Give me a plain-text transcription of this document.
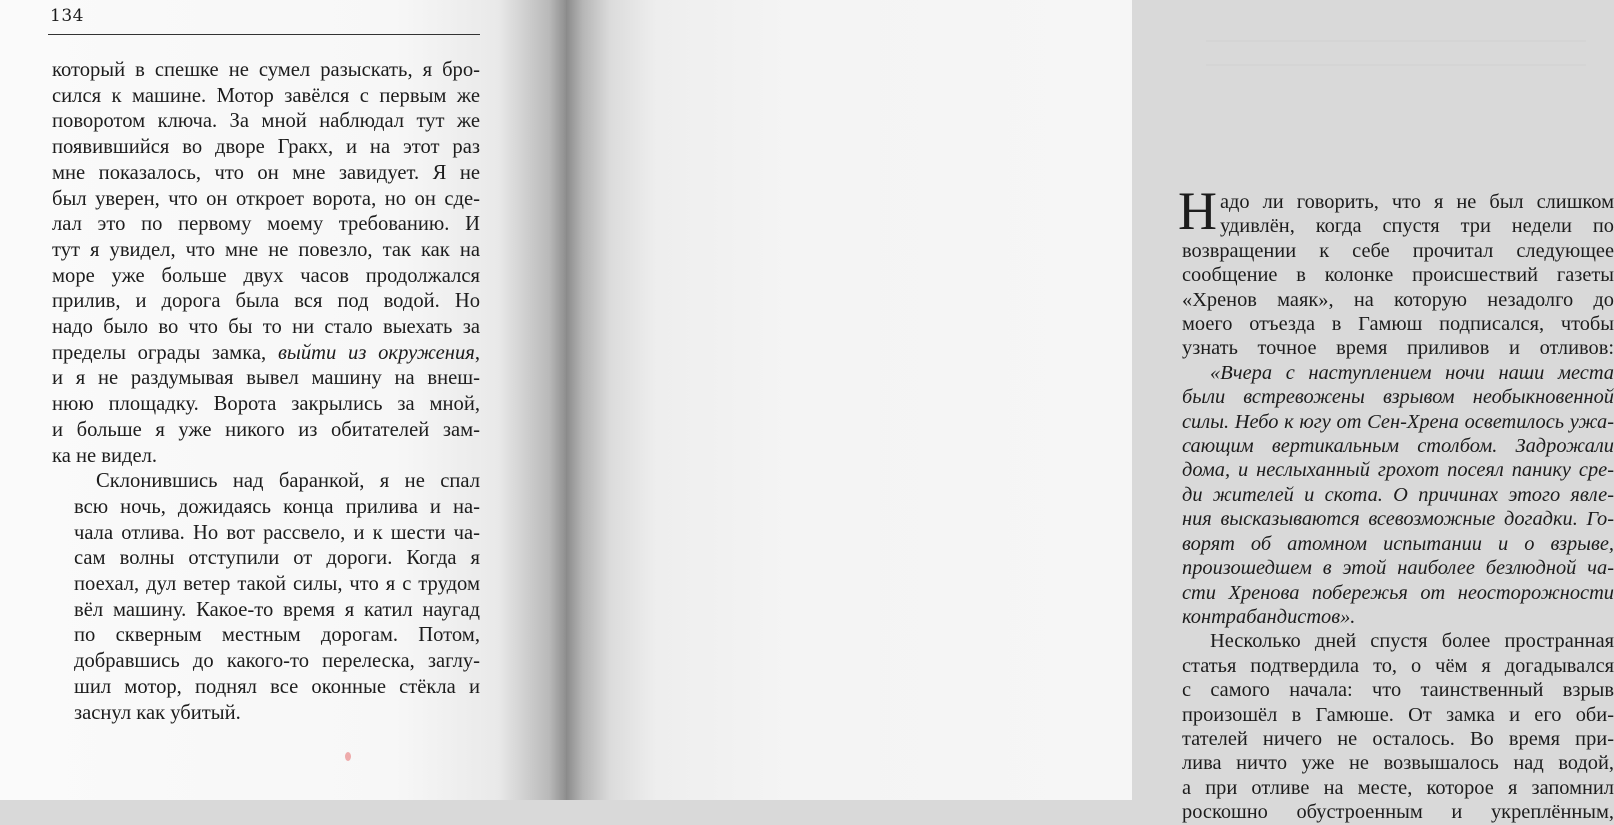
134

который в спешке не сумел разыскать, я бро-
сился к машине. Мотор завёлся с первым же
поворотом ключа. За мной наблюдал тут же
появившийся во дворе Гракх, и на этот раз
мне показалось, что он мне завидует. Я не
был уверен, что он откроет ворота, но он сде-
лал это по первому моему требованию. И
тут я увидел, что мне не повезло, так как на
море уже больше двух часов продолжался
прилив, и дорога была вся под водой. Но
надо было во что бы то ни стало выехать за
пределы ограды замка, выйти из окружения,
и я не раздумывая вывел машину на внеш-
нюю площадку. Ворота закрылись за мной,
и больше я уже никого из обитателей зам-
ка не видел.

Склонившись над баранкой, я не спал
всю ночь, дожидаясь конца прилива и на-
чала отлива. Но вот рассвело, и к шести ча-
сам волны отступили от дороги. Когда я
поехал, дул ветер такой силы, что я с трудом
вёл машину. Какое-то время я катил наугад
по скверным местным дорогам. Потом,
добравшись до какого-то перелеска, заглу-
шил мотор, поднял все оконные стёкла и
заснул как убитый.

Н адо ли говорить, что я не был слишком
удивлён, когда спустя три недели по
возвращении к себе прочитал следующее
сообщение в колонке происшествий газеты
«Хренов маяк», на которую незадолго до
моего отъезда в Гамюш подписался, чтобы
узнать точное время приливов и отливов:
«Вчера с наступлением ночи наши места
были встревожены взрывом необыкновенной
силы. Небо к югу от Сен-Хрена осветилось ужа-
сающим вертикальным столбом. Задрожали
дома, и неслыханный грохот посеял панику сре-
ди жителей и скота. О причинах этого явле-
ния высказываются всевозможные догадки. Го-
ворят об атомном испытании и о взрыве,
произошедшем в этой наиболее безлюдной ча-
сти Хренова побережья от неосторожности
контрабандистов».
Несколько дней спустя более пространная
статья подтвердила то, о чём я догадывался
с самого начала: что таинственный взрыв
произошёл в Гамюше. От замка и его оби-
тателей ничего не осталось. Во время при-
лива ничто уже не возвышалось над водой,
а при отливе на месте, которое я запомнил
роскошно обустроенным и укреплённым,
